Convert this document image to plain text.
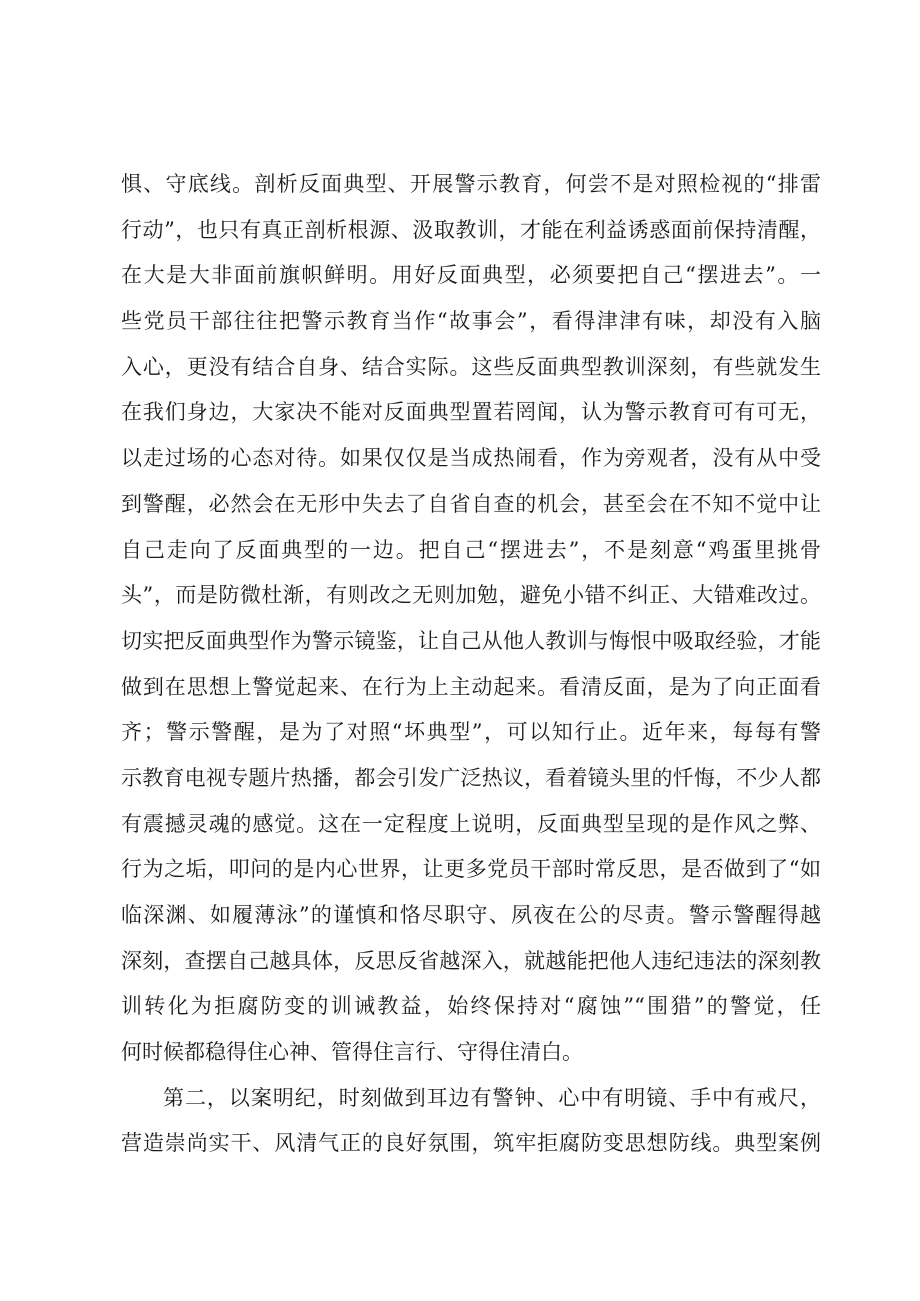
惧、守底线。剖析反面典型、开展警示教育，何尝不是对照检视的“排雷
行动”，也只有真正剖析根源、汲取教训，才能在利益诱惑面前保持清醒，
在大是大非面前旗帜鲜明。用好反面典型，必须要把自己“摆进去”。一
些党员干部往往把警示教育当作“故事会”，看得津津有味，却没有入脑
入心，更没有结合自身、结合实际。这些反面典型教训深刻，有些就发生
在我们身边，大家决不能对反面典型置若罔闻，认为警示教育可有可无，
以走过场的心态对待。如果仅仅是当成热闹看，作为旁观者，没有从中受
到警醒，必然会在无形中失去了自省自查的机会，甚至会在不知不觉中让
自己走向了反面典型的一边。把自己“摆进去”，不是刻意“鸡蛋里挑骨
头”，而是防微杜渐，有则改之无则加勉，避免小错不纠正、大错难改过。
切实把反面典型作为警示镜鉴，让自己从他人教训与悔恨中吸取经验，才能
做到在思想上警觉起来、在行为上主动起来。看清反面，是为了向正面看
齐；警示警醒，是为了对照“坏典型”，可以知行止。近年来，每每有警
示教育电视专题片热播，都会引发广泛热议，看着镜头里的忏悔，不少人都
有震撼灵魂的感觉。这在一定程度上说明，反面典型呈现的是作风之弊、
行为之垢，叩问的是内心世界，让更多党员干部时常反思，是否做到了“如
临深渊、如履薄泳”的谨慎和恪尽职守、夙夜在公的尽责。警示警醒得越
深刻，查摆自己越具体，反思反省越深入，就越能把他人违纪违法的深刻教
训转化为拒腐防变的训诫教益，始终保持对“腐蚀”“围猎”的警觉，任
何时候都稳得住心神、管得住言行、守得住清白。
第二，以案明纪，时刻做到耳边有警钟、心中有明镜、手中有戒尺，
营造崇尚实干、风清气正的良好氛围，筑牢拒腐防变思想防线。典型案例
